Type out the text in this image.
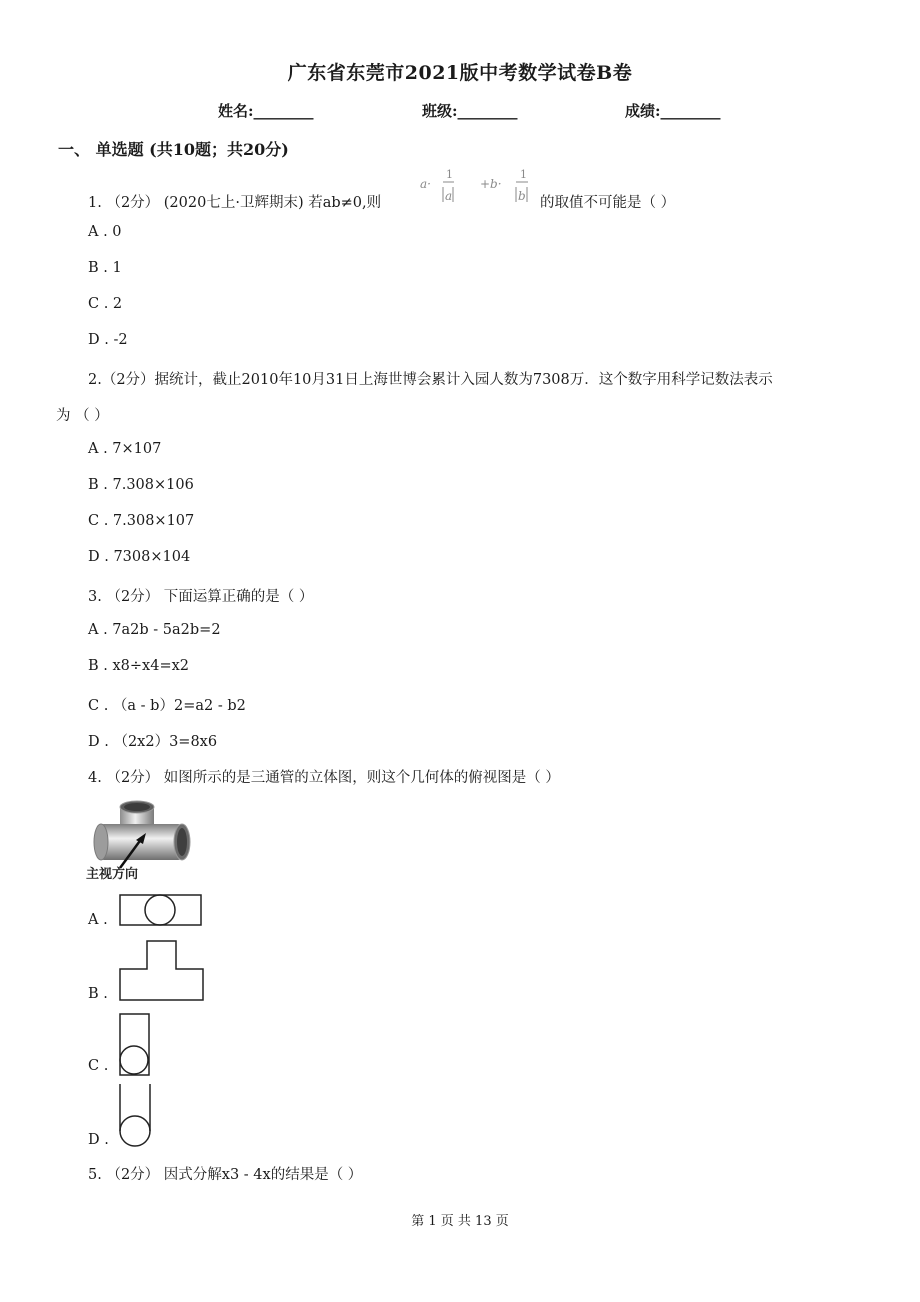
广东省东莞市2021版中考数学试卷B卷
姓名:________	班级:________	成绩:________
一、 单选题 (共10题；共20分)
1. （2分） (2020七上·卫辉期末) 若ab≠0,则
a·
1
a
+b·
1
b 的取值不可能是（ ）
A . 0
B . 1
C . 2
D . -2
2.（2分）据统计，截止2010年10月31日上海世博会累计入园人数为7308万．这个数字用科学记数法表示
为 （ ）
A . 7×107
B . 7.308×106
C . 7.308×107
D . 7308×104
3. （2分） 下面运算正确的是（ ）
A . 7a2b - 5a2b=2
B . x8÷x4=x2
C . （a - b）2=a2 - b2
D . （2x2）3=8x6
4. （2分） 如图所示的是三通管的立体图，则这个几何体的俯视图是（ ）
主视方向
A .
B .
C .
D .
5. （2分） 因式分解x3 - 4x的结果是（ ）
第 1 页 共 13 页
